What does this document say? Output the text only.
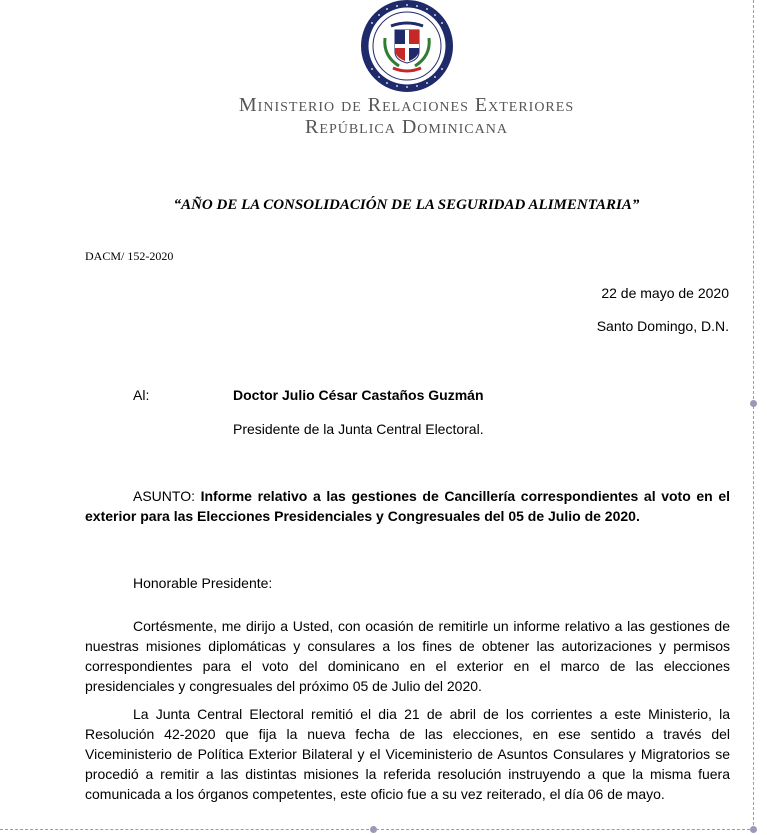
Ministerio de Relaciones Exteriores
República Dominicana
“AÑO DE LA CONSOLIDACIÓN DE LA SEGURIDAD ALIMENTARIA”
DACM/ 152-2020
22 de mayo de 2020
Santo Domingo, D.N.
Al:	Doctor Julio César Castaños Guzmán
Presidente de la Junta Central Electoral.
ASUNTO: Informe relativo a las gestiones de Cancillería correspondientes al voto en el exterior para las Elecciones Presidenciales y Congresuales del 05 de Julio de 2020.
Honorable Presidente:
Cortésmente, me dirijo a Usted, con ocasión de remitirle un informe relativo a las gestiones de nuestras misiones diplomáticas y consulares a los fines de obtener las autorizaciones y permisos correspondientes para el voto del dominicano en el exterior en el marco de las elecciones presidenciales y congresuales del próximo 05 de Julio del 2020.
La Junta Central Electoral remitió el dia 21 de abril de los corrientes a este Ministerio, la Resolución 42-2020 que fija la nueva fecha de las elecciones, en ese sentido a través del Viceministerio de Política Exterior Bilateral y el Viceministerio de Asuntos Consulares y Migratorios se procedió a remitir a las distintas misiones la referida resolución instruyendo a que la misma fuera comunicada a los órganos competentes, este oficio fue a su vez reiterado, el día 06 de mayo.
